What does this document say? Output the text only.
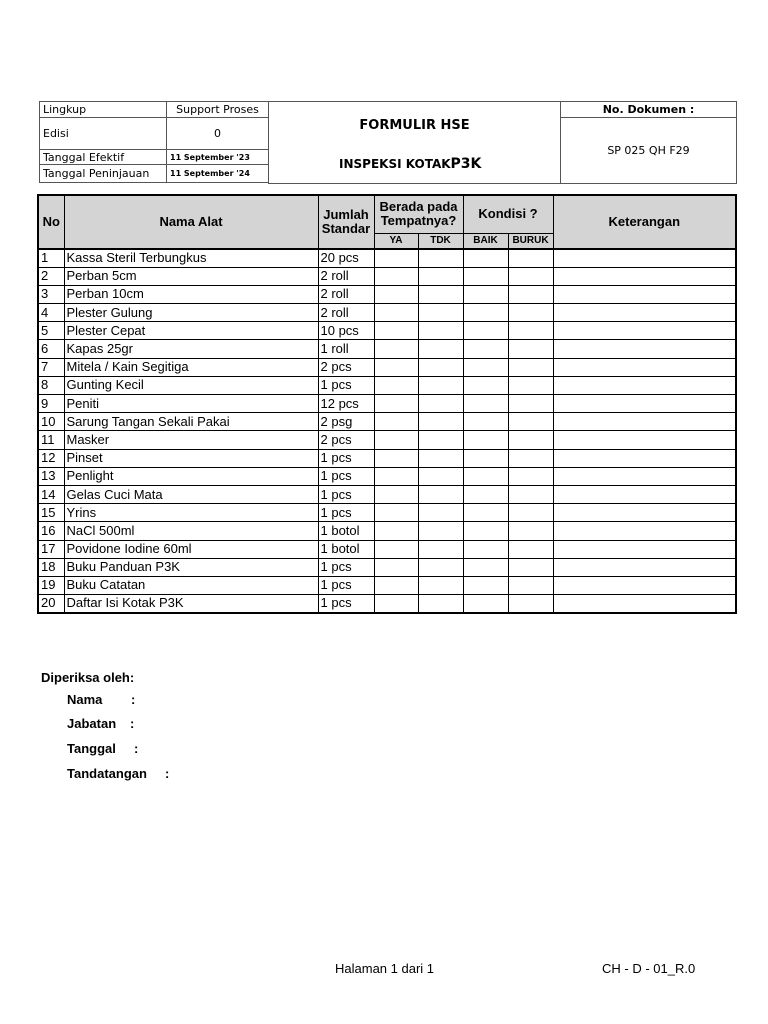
Lingkup	Support Proses	FORMULIR HSE
INSPEKSI KOTAKP3K	No. Dokumen :
Edisi	0		SP 025 QH F29
Tanggal Efektif	11 September '23		
Tanggal Peninjauan	11 September '24		

No	Nama Alat	Jumlah Standar	Berada pada Tempatnya?		Kondisi ?		Keterangan
			YA	TDK	BAIK	BURUK	
1	Kassa Steril Terbungkus	20 pcs					
2	Perban 5cm	2 roll					
3	Perban 10cm	2 roll					
4	Plester Gulung	2 roll					
5	Plester Cepat	10 pcs					
6	Kapas 25gr	1 roll					
7	Mitela / Kain Segitiga	2 pcs					
8	Gunting Kecil	1 pcs					
9	Peniti	12 pcs					
10	Sarung Tangan Sekali Pakai	2 psg					
11	Masker	2 pcs					
12	Pinset	1 pcs					
13	Penlight	1 pcs					
14	Gelas Cuci Mata	1 pcs					
15	Yrins	1 pcs					
16	NaCl 500ml	1 botol					
17	Povidone Iodine 60ml	1 botol					
18	Buku Panduan P3K	1 pcs					
19	Buku Catatan	1 pcs					
20	Daftar Isi Kotak P3K	1 pcs					
Diperiksa oleh:
Nama :
Jabatan :
Tanggal :
Tandatangan :
Halaman 1 dari 1	CH - D - 01_R.0
